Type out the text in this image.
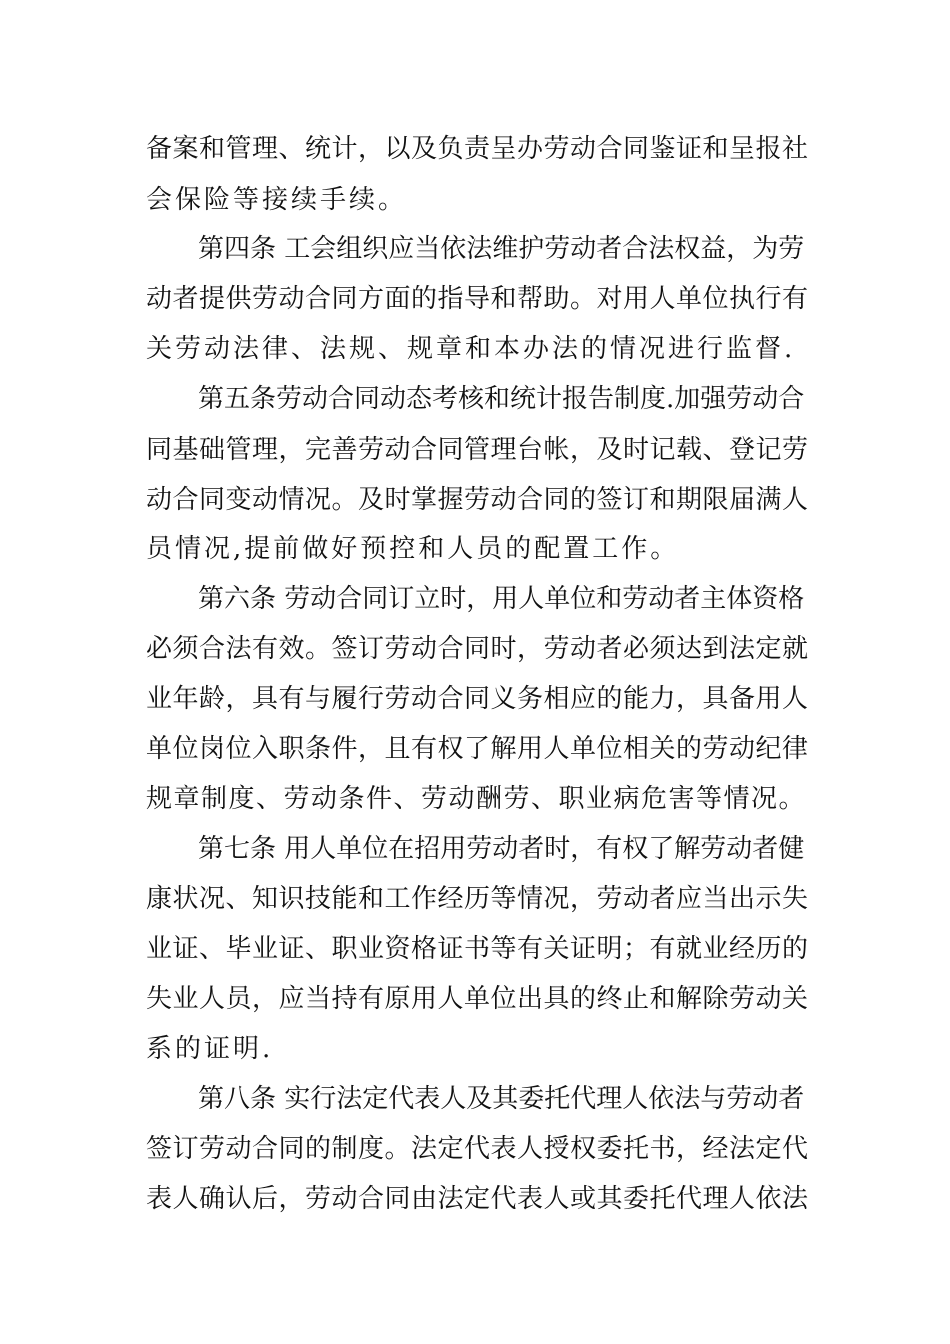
备案和管理、统计，以及负责呈办劳动合同鉴证和呈报社
会保险等接续手续。
第四条 工会组织应当依法维护劳动者合法权益，为劳
动者提供劳动合同方面的指导和帮助。对用人单位执行有
关劳动法律、法规、规章和本办法的情况进行监督.
第五条劳动合同动态考核和统计报告制度.加强劳动合
同基础管理，完善劳动合同管理台帐，及时记载、登记劳
动合同变动情况。及时掌握劳动合同的签订和期限届满人
员情况,提前做好预控和人员的配置工作。
第六条 劳动合同订立时，用人单位和劳动者主体资格
必须合法有效。签订劳动合同时，劳动者必须达到法定就
业年龄，具有与履行劳动合同义务相应的能力，具备用人
单位岗位入职条件，且有权了解用人单位相关的劳动纪律
规章制度、劳动条件、劳动酬劳、职业病危害等情况。
第七条 用人单位在招用劳动者时，有权了解劳动者健
康状况、知识技能和工作经历等情况，劳动者应当出示失
业证、毕业证、职业资格证书等有关证明；有就业经历的
失业人员，应当持有原用人单位出具的终止和解除劳动关
系的证明.
第八条 实行法定代表人及其委托代理人依法与劳动者
签订劳动合同的制度。法定代表人授权委托书，经法定代
表人确认后，劳动合同由法定代表人或其委托代理人依法
